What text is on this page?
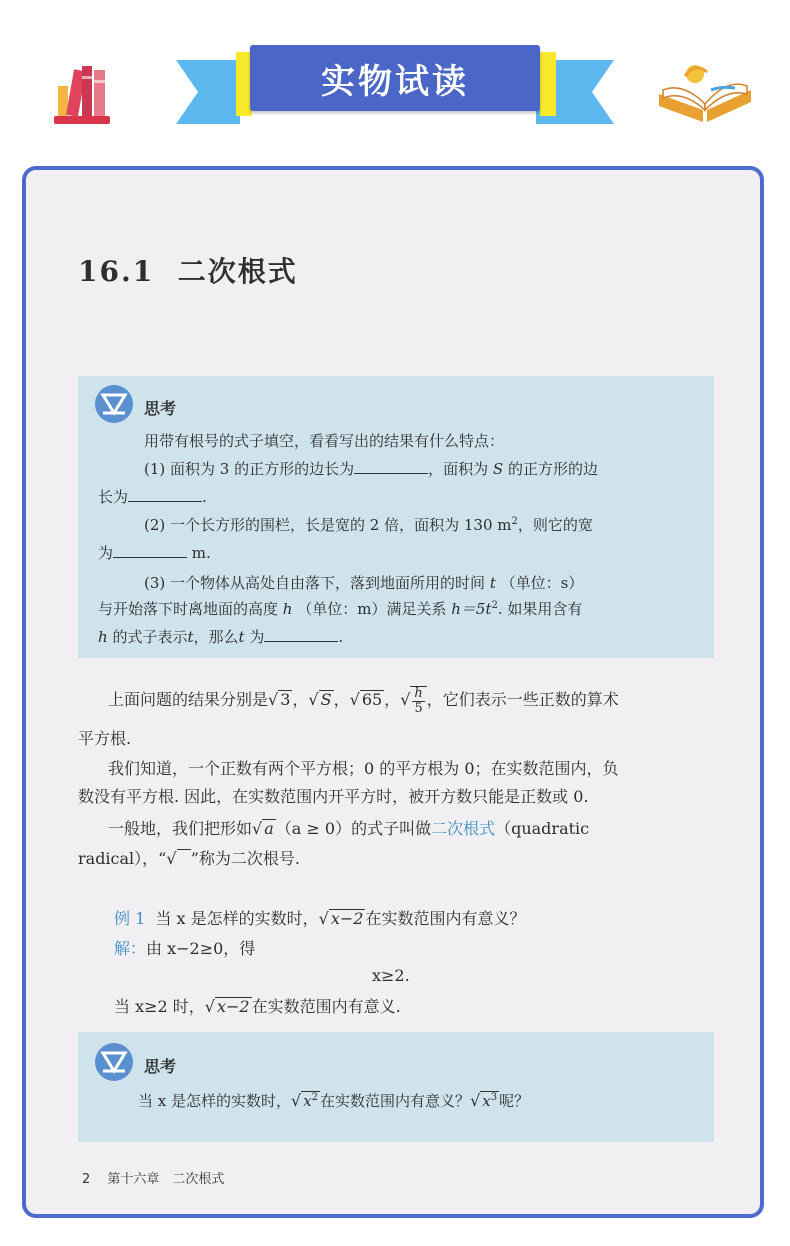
实物试读
16.1 二次根式
思考
用带有根号的式子填空，看看写出的结果有什么特点：
(1) 面积为 3 的正方形的边长为	，面积为 S 的正方形的边
长为	.
(2) 一个长方形的围栏，长是宽的 2 倍，面积为 130 $m^2$，则它的宽
为	m.
(3) 一个物体从高处自由落下，落到地面所用的时间 t （单位：s）
与开始落下时离地面的高度 h （单位：m）满足关系 $h=5t^2$. 如果用含有
h 的式子表示t，那么t 为	.
上面问题的结果分别是√ 3 ，√ S ，√ 65 ，√ $\frac{h}{5}$ ，它们表示一些正数的算术
平方根.
我们知道，一个正数有两个平方根；0 的平方根为 0；在实数范围内，负
数没有平方根. 因此，在实数范围内开平方时，被开方数只能是正数或 0.
一般地，我们把形如√ a （a ≥ 0）的式子叫做二次根式（quadratic
radical），“√ ”称为二次根号.
例 1 当 x 是怎样的实数时，√ x−2 在实数范围内有意义？
解：由 x−2≥0，得
x≥2.
当 x≥2 时，√ x−2 在实数范围内有意义.
思考
当 x 是怎样的实数时，√ $x^2$ 在实数范围内有意义？√ $x^3$ 呢？
2　 第十六章　二次根式
